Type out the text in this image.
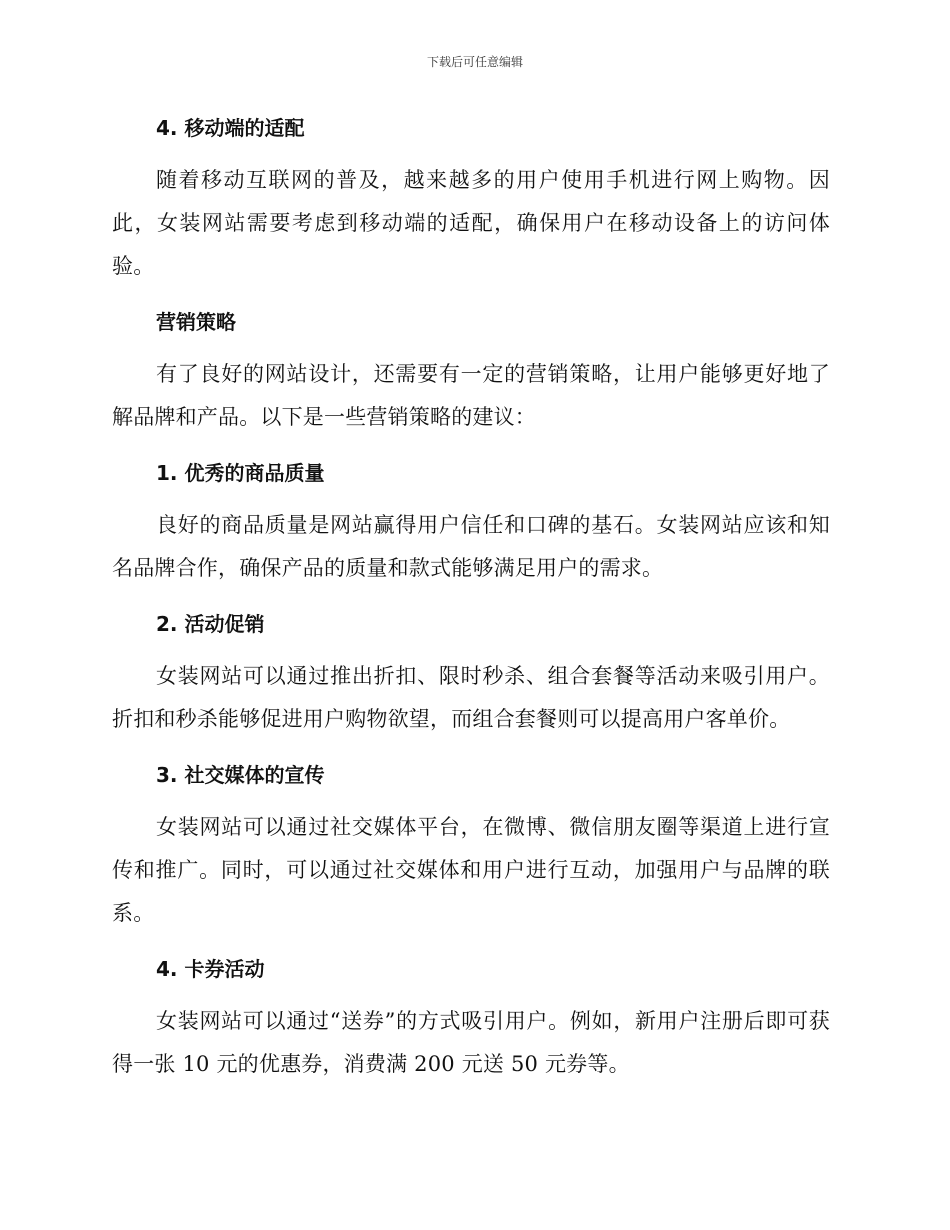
下载后可任意编辑
4. 移动端的适配

随着移动互联网的普及，越来越多的用户使用手机进行网上购物。因此，女装网站需要考虑到移动端的适配，确保用户在移动设备上的访问体验。

营销策略

有了良好的网站设计，还需要有一定的营销策略，让用户能够更好地了解品牌和产品。以下是一些营销策略的建议：

1. 优秀的商品质量

良好的商品质量是网站赢得用户信任和口碑的基石。女装网站应该和知名品牌合作，确保产品的质量和款式能够满足用户的需求。

2. 活动促销

女装网站可以通过推出折扣、限时秒杀、组合套餐等活动来吸引用户。折扣和秒杀能够促进用户购物欲望，而组合套餐则可以提高用户客单价。

3. 社交媒体的宣传

女装网站可以通过社交媒体平台，在微博、微信朋友圈等渠道上进行宣传和推广。同时，可以通过社交媒体和用户进行互动，加强用户与品牌的联系。

4. 卡券活动

女装网站可以通过“送券”的方式吸引用户。例如，新用户注册后即可获得一张 10 元的优惠券，消费满 200 元送 50 元券等。
